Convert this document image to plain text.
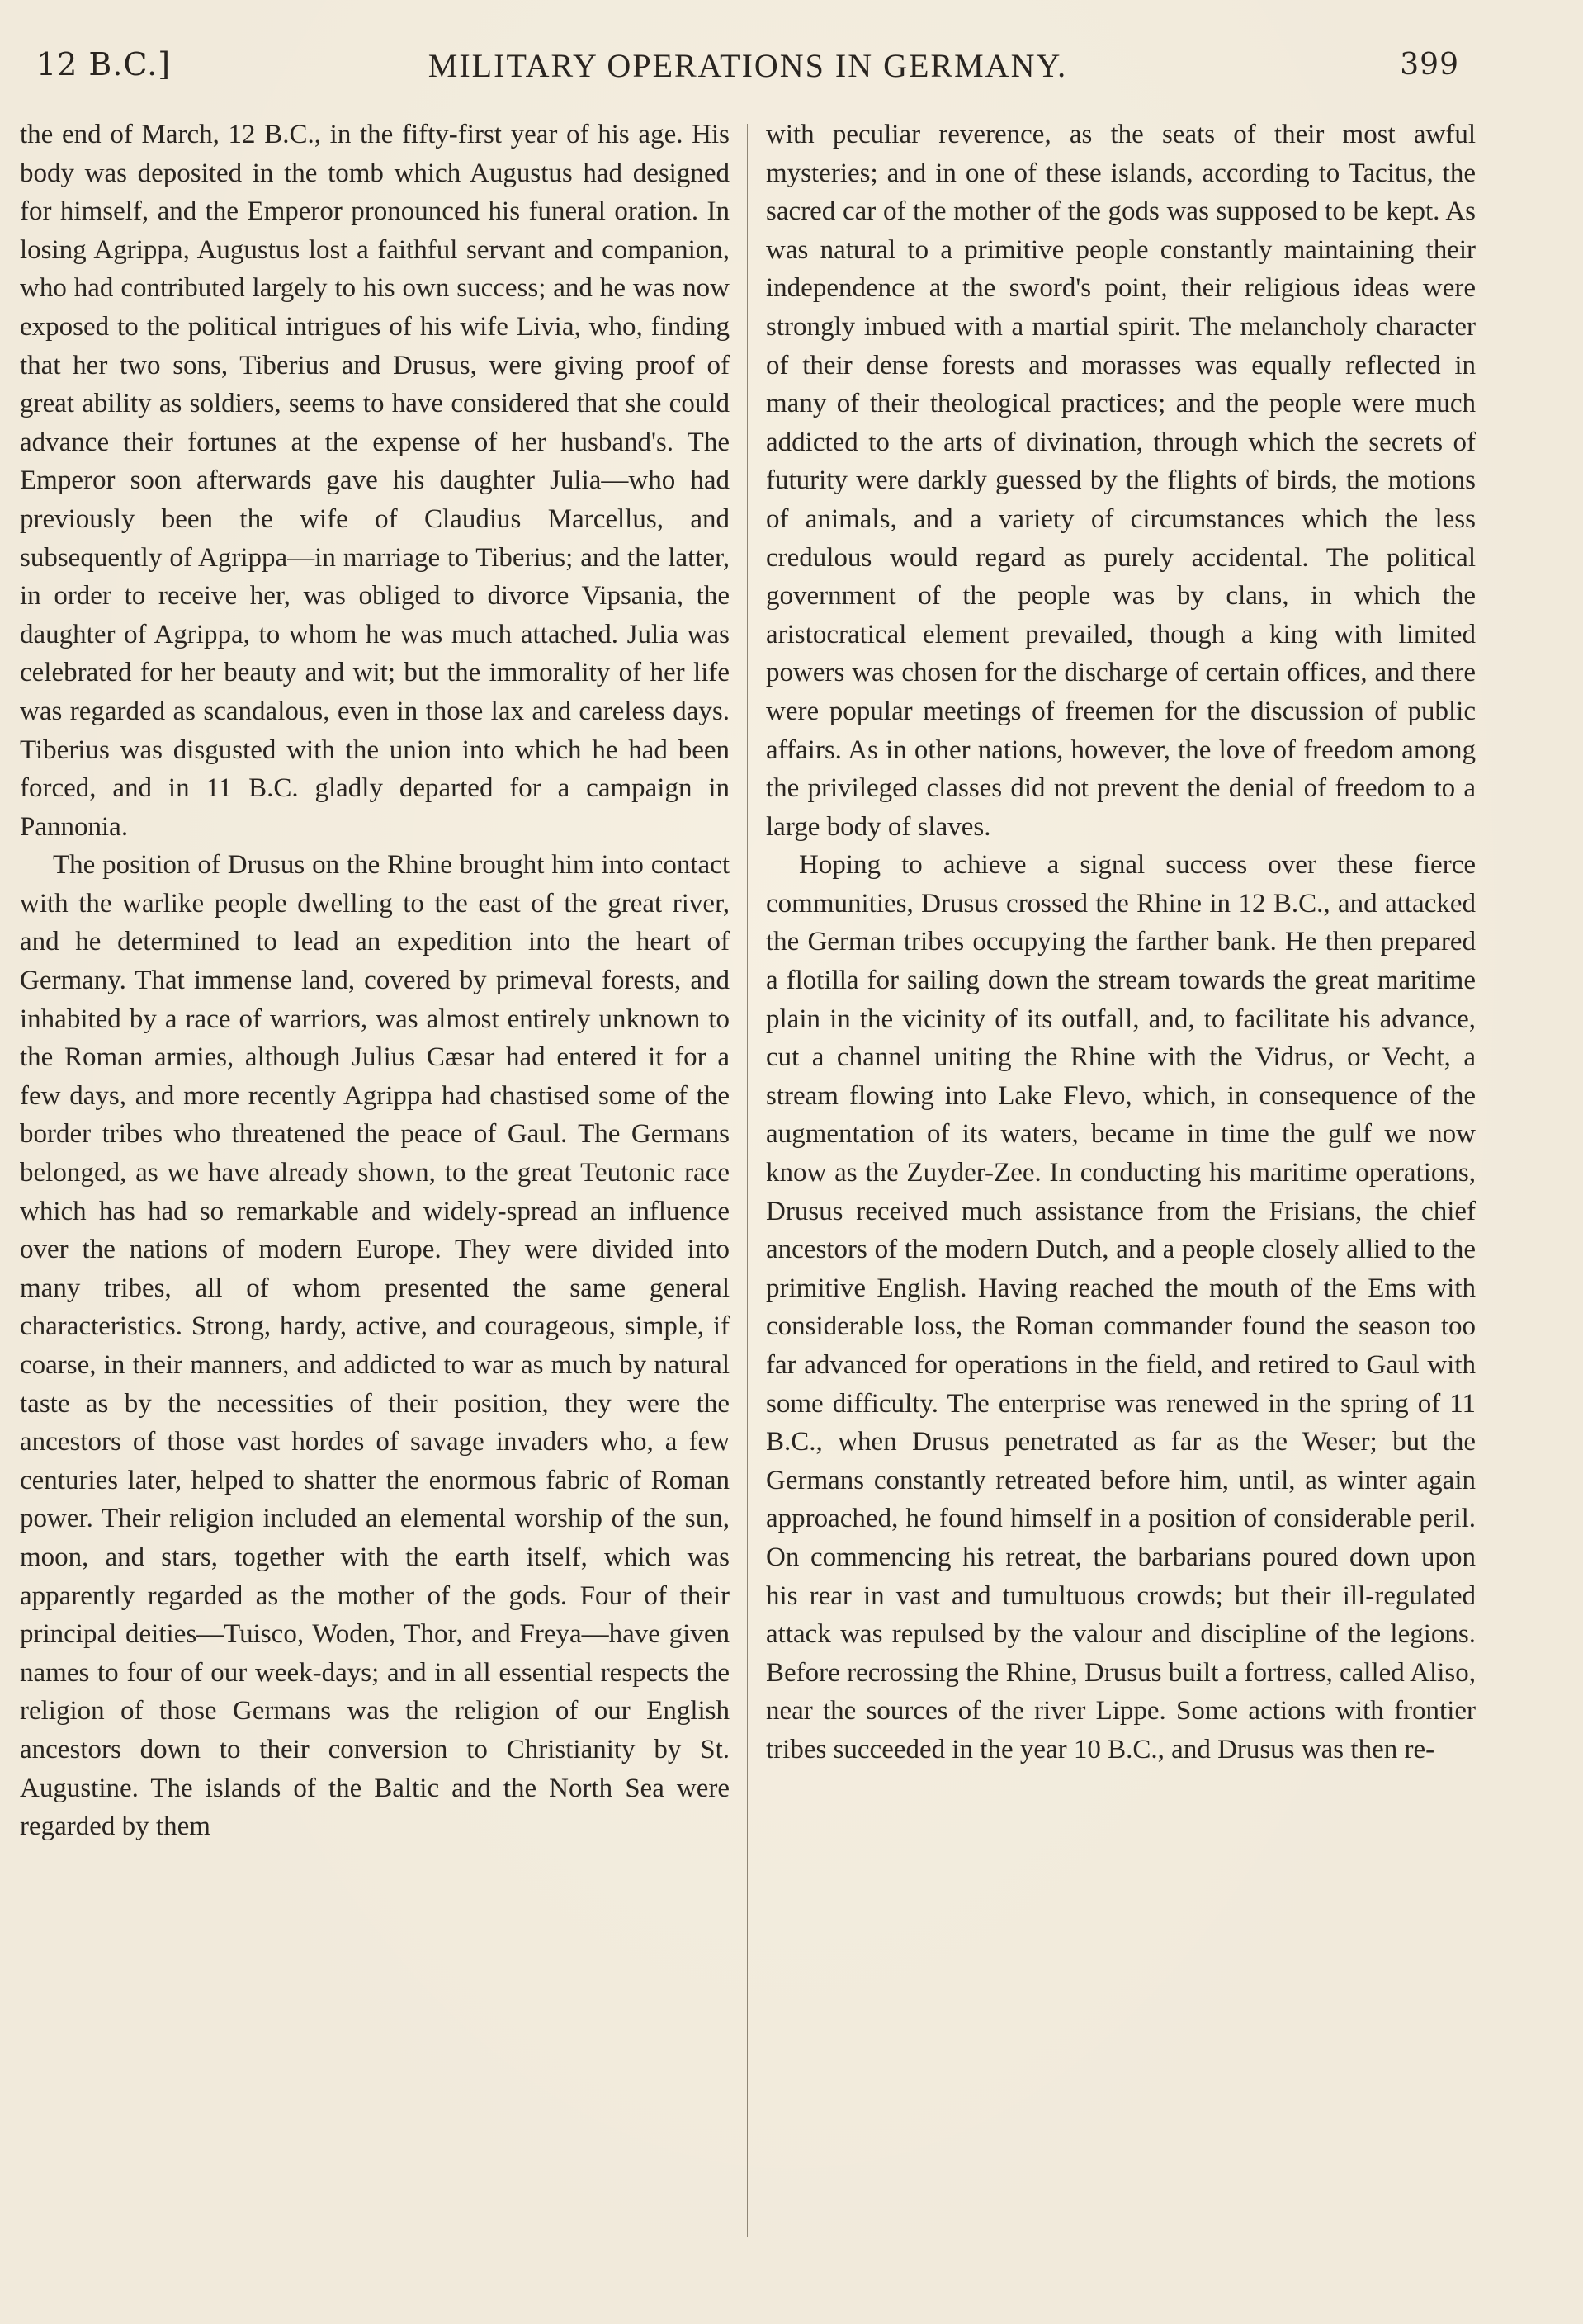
12 B.C.]	MILITARY OPERATIONS IN GERMANY.	399

the end of March, 12 B.C., in the fifty-first year of his age. His body was deposited in the tomb which Augustus had designed for himself, and the Emperor pronounced his funeral oration. In losing Agrippa, Augustus lost a faithful servant and companion, who had contributed largely to his own success; and he was now exposed to the political intrigues of his wife Livia, who, finding that her two sons, Tiberius and Drusus, were giving proof of great ability as soldiers, seems to have considered that she could advance their fortunes at the expense of her husband's. The Emperor soon afterwards gave his daughter Julia—who had previously been the wife of Claudius Marcellus, and subsequently of Agrippa—in marriage to Tiberius; and the latter, in order to receive her, was obliged to divorce Vipsania, the daughter of Agrippa, to whom he was much attached. Julia was celebrated for her beauty and wit; but the immorality of her life was regarded as scandalous, even in those lax and careless days. Tiberius was disgusted with the union into which he had been forced, and in 11 B.C. gladly departed for a campaign in Pannonia.

The position of Drusus on the Rhine brought him into contact with the warlike people dwelling to the east of the great river, and he determined to lead an expedition into the heart of Germany. That immense land, covered by primeval forests, and inhabited by a race of warriors, was almost entirely unknown to the Roman armies, although Julius Cæsar had entered it for a few days, and more recently Agrippa had chastised some of the border tribes who threatened the peace of Gaul. The Germans belonged, as we have already shown, to the great Teutonic race which has had so remarkable and widely-spread an influence over the nations of modern Europe. They were divided into many tribes, all of whom presented the same general characteristics. Strong, hardy, active, and courageous, simple, if coarse, in their manners, and addicted to war as much by natural taste as by the necessities of their position, they were the ancestors of those vast hordes of savage invaders who, a few centuries later, helped to shatter the enormous fabric of Roman power. Their religion included an elemental worship of the sun, moon, and stars, together with the earth itself, which was apparently regarded as the mother of the gods. Four of their principal deities—Tuisco, Woden, Thor, and Freya—have given names to four of our week-days; and in all essential respects the religion of those Germans was the religion of our English ancestors down to their conversion to Christianity by St. Augustine. The islands of the Baltic and the North Sea were regarded by them

with peculiar reverence, as the seats of their most awful mysteries; and in one of these islands, according to Tacitus, the sacred car of the mother of the gods was supposed to be kept. As was natural to a primitive people constantly maintaining their independence at the sword's point, their religious ideas were strongly imbued with a martial spirit. The melancholy character of their dense forests and morasses was equally reflected in many of their theological practices; and the people were much addicted to the arts of divination, through which the secrets of futurity were darkly guessed by the flights of birds, the motions of animals, and a variety of circumstances which the less credulous would regard as purely accidental. The political government of the people was by clans, in which the aristocratical element prevailed, though a king with limited powers was chosen for the discharge of certain offices, and there were popular meetings of freemen for the discussion of public affairs. As in other nations, however, the love of freedom among the privileged classes did not prevent the denial of freedom to a large body of slaves.

Hoping to achieve a signal success over these fierce communities, Drusus crossed the Rhine in 12 B.C., and attacked the German tribes occupying the farther bank. He then prepared a flotilla for sailing down the stream towards the great maritime plain in the vicinity of its outfall, and, to facilitate his advance, cut a channel uniting the Rhine with the Vidrus, or Vecht, a stream flowing into Lake Flevo, which, in consequence of the augmentation of its waters, became in time the gulf we now know as the Zuyder-Zee. In conducting his maritime operations, Drusus received much assistance from the Frisians, the chief ancestors of the modern Dutch, and a people closely allied to the primitive English. Having reached the mouth of the Ems with considerable loss, the Roman commander found the season too far advanced for operations in the field, and retired to Gaul with some difficulty. The enterprise was renewed in the spring of 11 B.C., when Drusus penetrated as far as the Weser; but the Germans constantly retreated before him, until, as winter again approached, he found himself in a position of considerable peril. On commencing his retreat, the barbarians poured down upon his rear in vast and tumultuous crowds; but their ill-regulated attack was repulsed by the valour and discipline of the legions. Before recrossing the Rhine, Drusus built a fortress, called Aliso, near the sources of the river Lippe. Some actions with frontier tribes succeeded in the year 10 B.C., and Drusus was then re-
